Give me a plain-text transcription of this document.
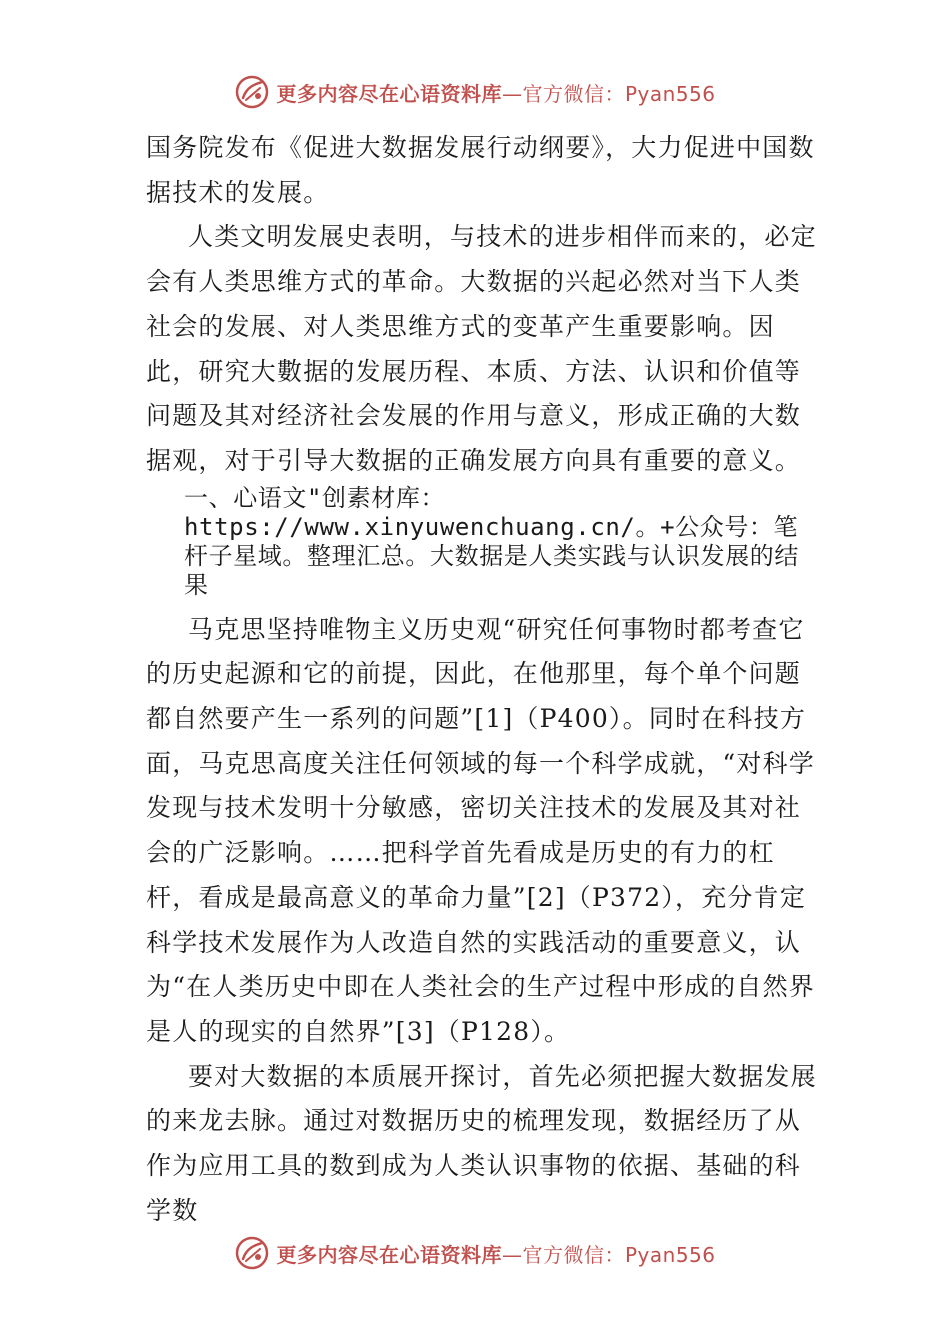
更多内容尽在心语资料库—官方微信：Pyan556

国务院发布《促进大数据发展行动纲要》，大力促进中国数据技术的发展。

人类文明发展史表明，与技术的进步相伴而来的，必定会有人类思维方式的革命。大数据的兴起必然对当下人类社会的发展、对人类思维方式的变革产生重要影响。因此，研究大數据的发展历程、本质、方法、认识和价值等问题及其对经济社会发展的作用与意义，形成正确的大数据观，对于引导大数据的正确发展方向具有重要的意义。

一、心语文"创素材库：https://www.xinyuwenchuang.cn/。+公众号：笔杆子星域。整理汇总。大数据是人类实践与认识发展的结果

马克思坚持唯物主义历史观“研究任何事物时都考查它的历史起源和它的前提，因此，在他那里，每个单个问题都自然要产生一系列的问题”[1]（P400）。同时在科技方面，马克思高度关注任何领域的每一个科学成就，“对科学发现与技术发明十分敏感，密切关注技术的发展及其对社会的广泛影响。……把科学首先看成是历史的有力的杠杆，看成是最高意义的革命力量”[2]（P372），充分肯定科学技术发展作为人改造自然的实践活动的重要意义，认为“在人类历史中即在人类社会的生产过程中形成的自然界是人的现实的自然界”[3]（P128）。

要对大数据的本质展开探讨，首先必须把握大数据发展的来龙去脉。通过对数据历史的梳理发现，数据经历了从作为应用工具的数到成为人类认识事物的依据、基础的科学数

更多内容尽在心语资料库—官方微信：Pyan556
